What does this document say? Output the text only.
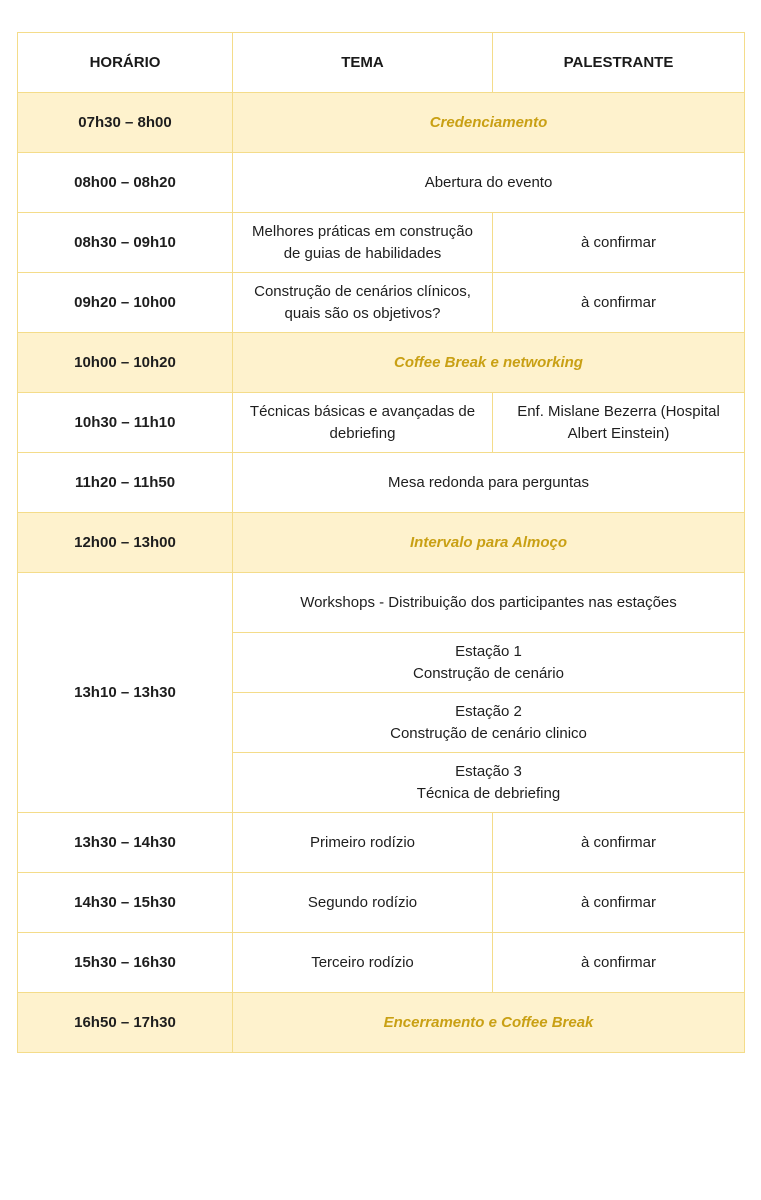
HORÁRIO	TEMA	PALESTRANTE
07h30 – 8h00	Credenciamento	
08h00 – 08h20	Abertura do evento	
08h30 – 09h10	Melhores práticas em construção de guias de habilidades	à confirmar
09h20 – 10h00	Construção de cenários clínicos, quais são os objetivos?	à confirmar
10h00 – 10h20	Coffee Break e networking	
10h30 – 11h10	Técnicas básicas e avançadas de debriefing	Enf. Mislane Bezerra (Hospital Albert Einstein)
11h20 – 11h50	Mesa redonda para perguntas	
12h00 – 13h00	Intervalo para Almoço	
13h10 – 13h30	Workshops - Distribuição dos participantes nas estações	

	Estação 1
Construção de cenário	

	Estação 2
Construção de cenário clinico	

	Estação 3
Técnica de debriefing	

13h30 – 14h30	Primeiro rodízio	à confirmar
14h30 – 15h30	Segundo rodízio	à confirmar
15h30 – 16h30	Terceiro rodízio	à confirmar
16h50 – 17h30	Encerramento e Coffee Break	
